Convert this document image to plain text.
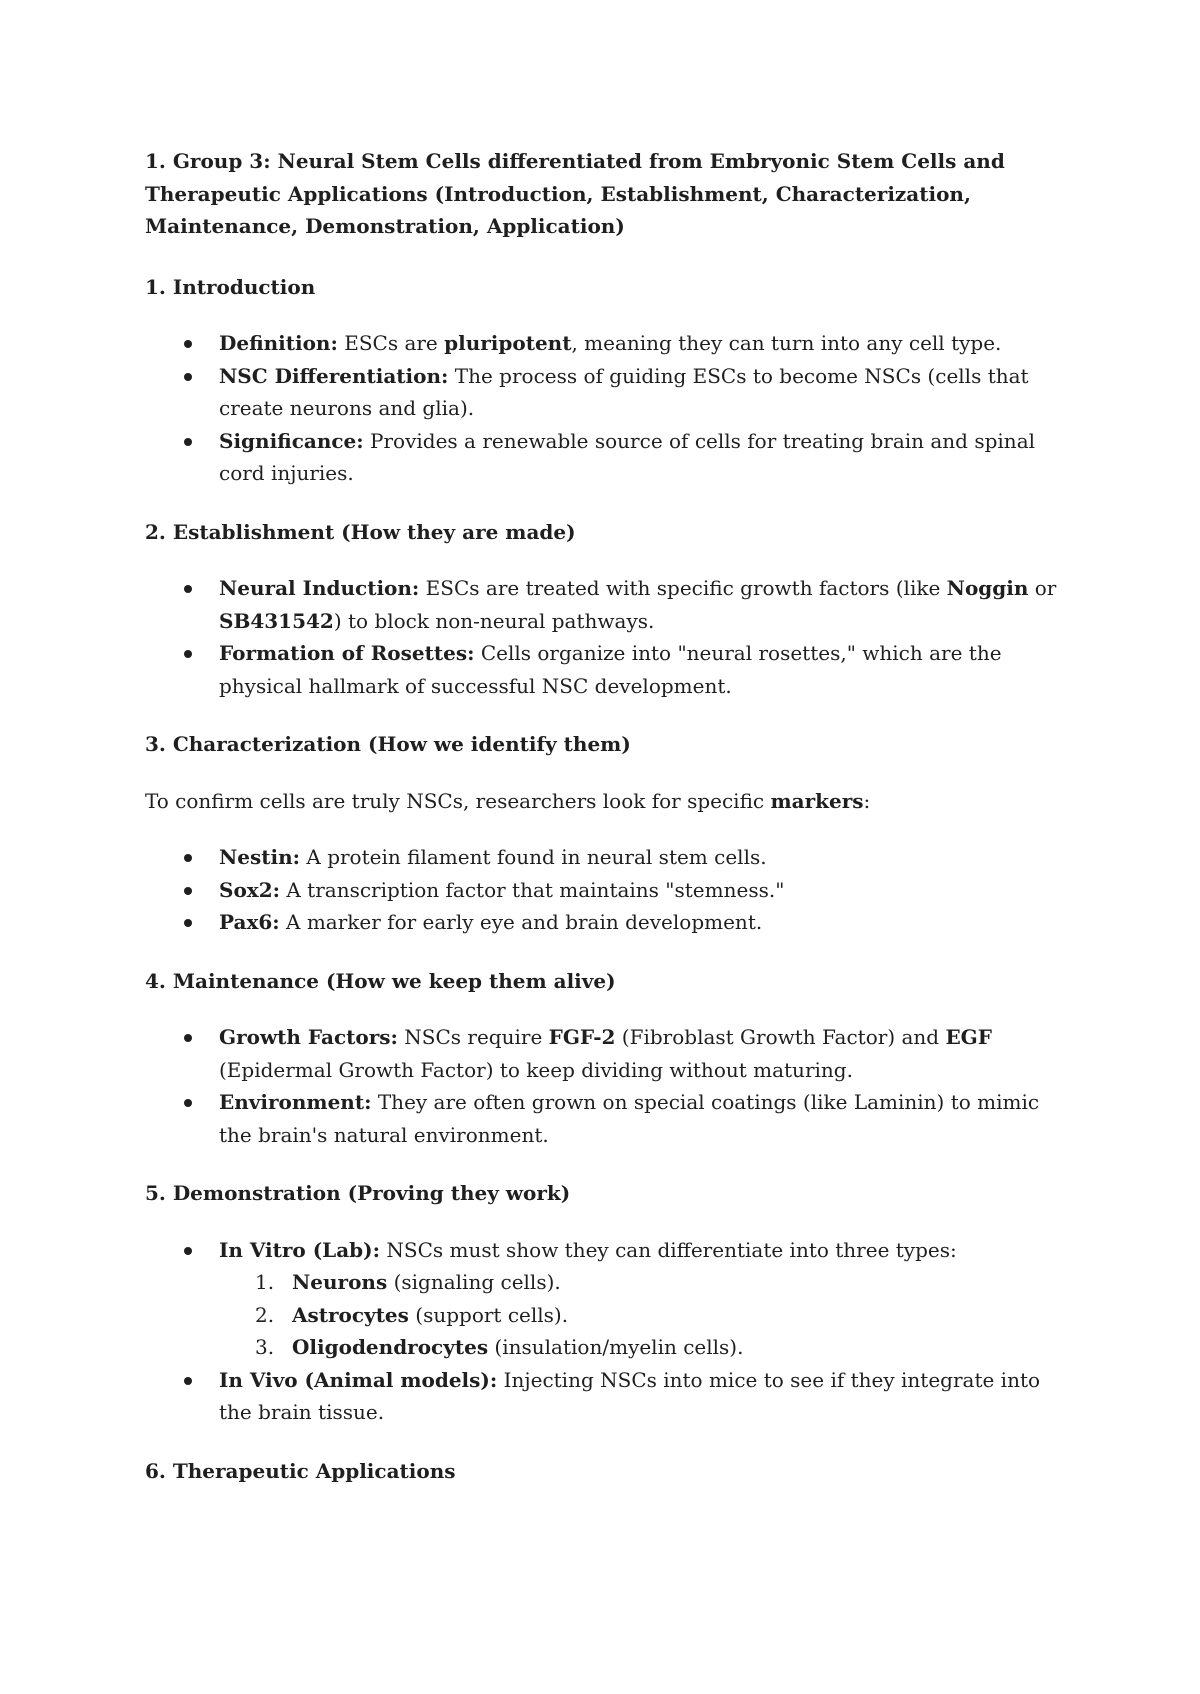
1. Group 3: Neural Stem Cells differentiated from Embryonic Stem Cells and Therapeutic Applications (Introduction, Establishment, Characterization, Maintenance, Demonstration, Application)
1. Introduction
Definition: ESCs are pluripotent, meaning they can turn into any cell type.
NSC Differentiation: The process of guiding ESCs to become NSCs (cells that create neurons and glia).
Significance: Provides a renewable source of cells for treating brain and spinal cord injuries.
2. Establishment (How they are made)
Neural Induction: ESCs are treated with specific growth factors (like Noggin or SB431542) to block non-neural pathways.
Formation of Rosettes: Cells organize into "neural rosettes," which are the physical hallmark of successful NSC development.
3. Characterization (How we identify them)

To confirm cells are truly NSCs, researchers look for specific markers:

Nestin: A protein filament found in neural stem cells.
Sox2: A transcription factor that maintains "stemness."
Pax6: A marker for early eye and brain development.
4. Maintenance (How we keep them alive)
Growth Factors: NSCs require FGF-2 (Fibroblast Growth Factor) and EGF (Epidermal Growth Factor) to keep dividing without maturing.
Environment: They are often grown on special coatings (like Laminin) to mimic the brain's natural environment.
5. Demonstration (Proving they work)
In Vitro (Lab): NSCs must show they can differentiate into three types:
1. Neurons (signaling cells).
2. Astrocytes (support cells).
3. Oligodendrocytes (insulation/myelin cells).
In Vivo (Animal models): Injecting NSCs into mice to see if they integrate into the brain tissue.
6. Therapeutic Applications
